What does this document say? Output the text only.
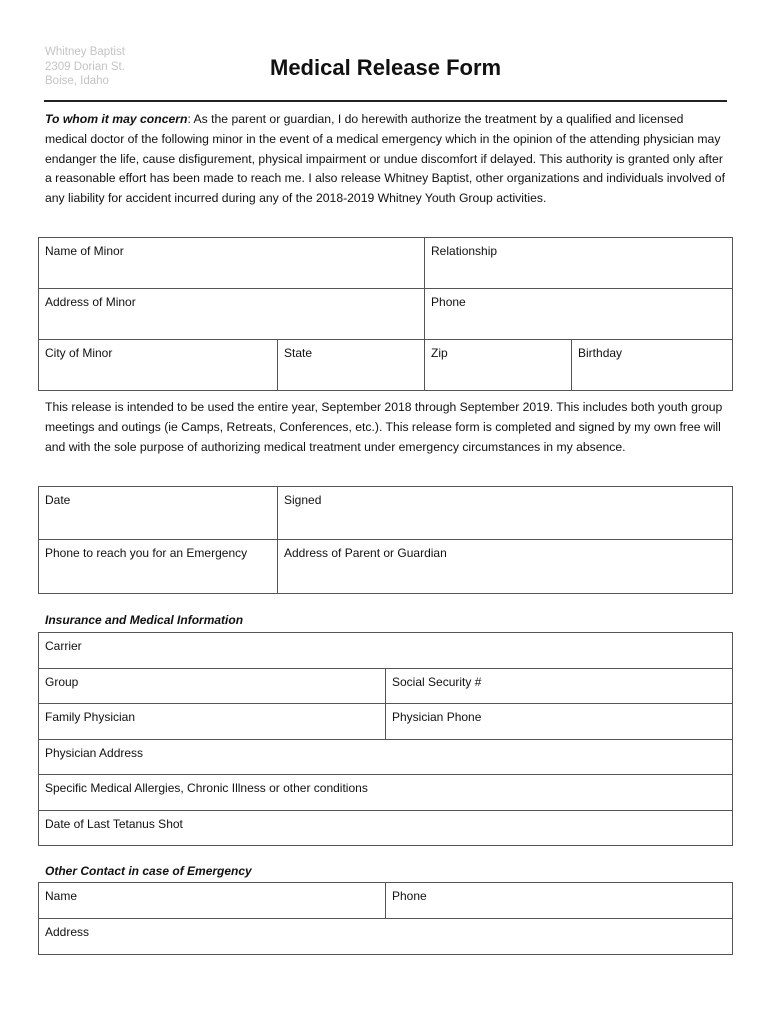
Whitney Baptist
2309 Dorian St.
Boise, Idaho
Medical Release Form
To whom it may concern: As the parent or guardian, I do herewith authorize the treatment by a qualified and licensed medical doctor of the following minor in the event of a medical emergency which in the opinion of the attending physician may endanger the life, cause disfigurement, physical impairment or undue discomfort if delayed. This authority is granted only after a reasonable effort has been made to reach me. I also release Whitney Baptist, other organizations and individuals involved of any liability for accident incurred during any of the 2018-2019 Whitney Youth Group activities.
Name of Minor		Relationship	
Address of Minor		Phone	
City of Minor	State	Zip	Birthday
This release is intended to be used the entire year, September 2018 through September 2019. This includes both youth group meetings and outings (ie Camps, Retreats, Conferences, etc.). This release form is completed and signed by my own free will and with the sole purpose of authorizing medical treatment under emergency circumstances in my absence.
Date	Signed
Phone to reach you for an Emergency	Address of Parent or Guardian
Insurance and Medical Information
Carrier	
Group	Social Security #
Family Physician	Physician Phone
Physician Address	
Specific Medical Allergies, Chronic Illness or other conditions	
Date of Last Tetanus Shot	
Other Contact in case of Emergency
Name	Phone
Address
